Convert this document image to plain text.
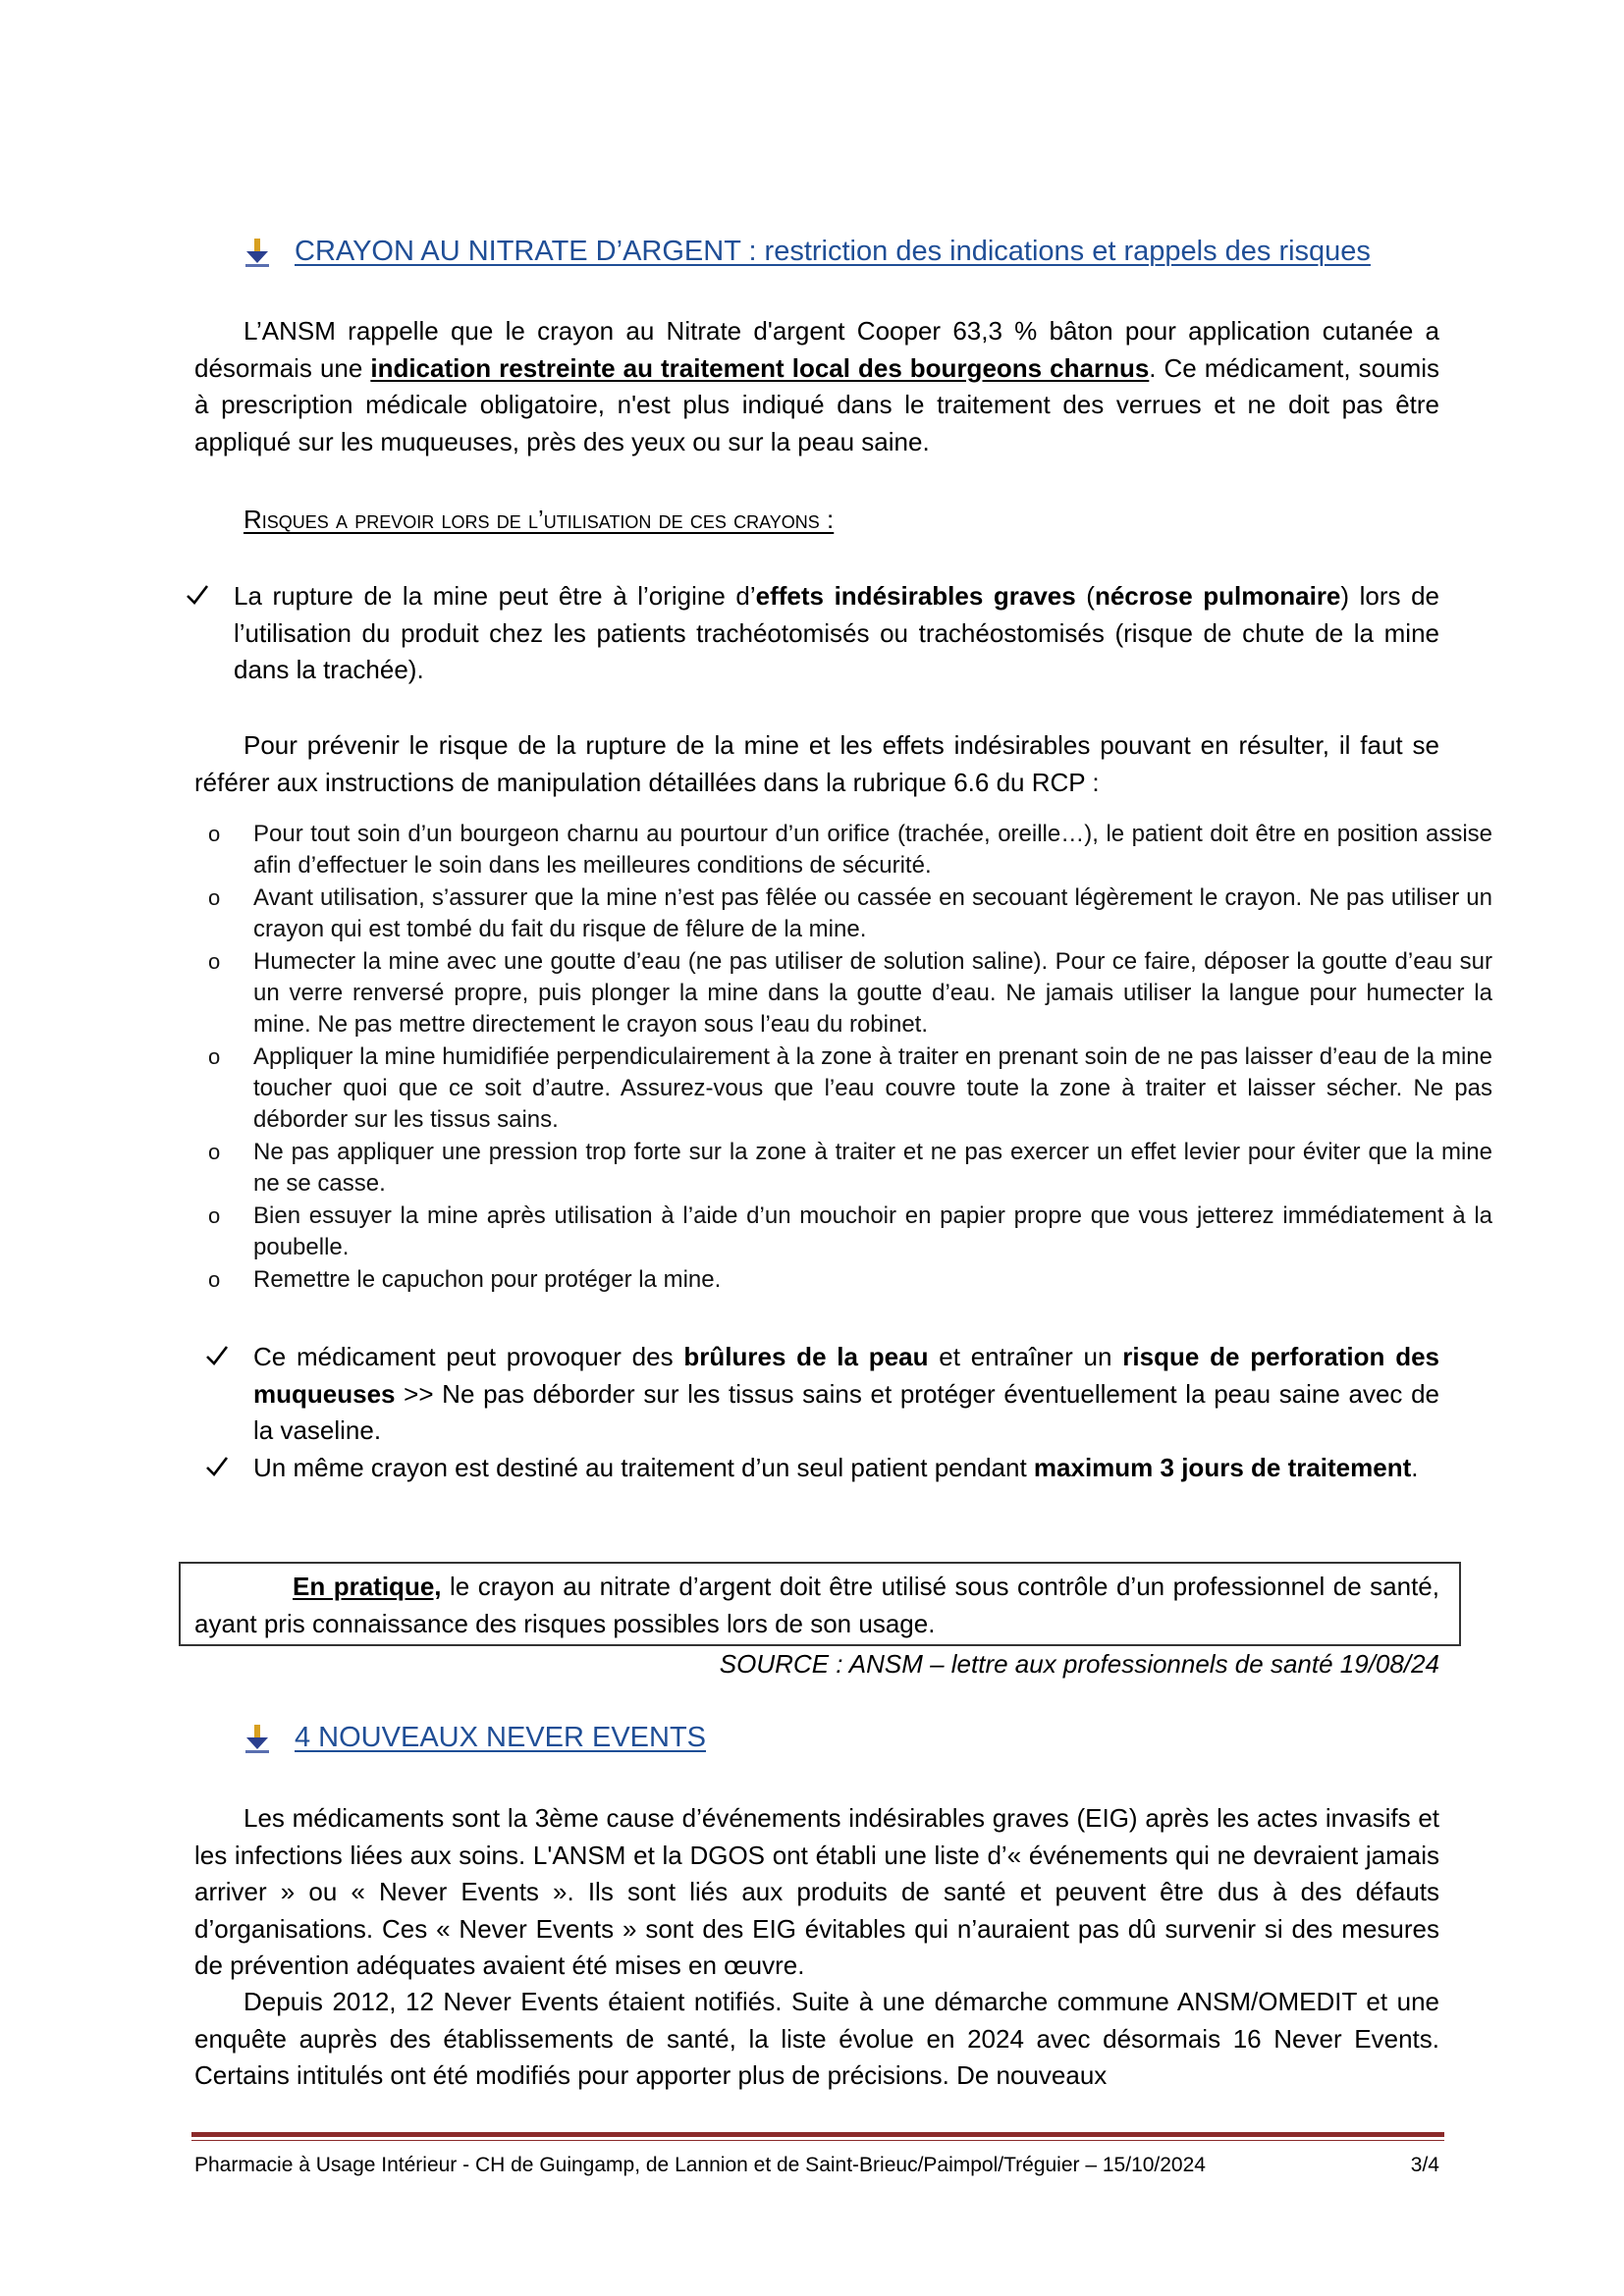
CRAYON AU NITRATE D’ARGENT : restriction des indications et rappels des risques

L’ANSM rappelle que le crayon au Nitrate d'argent Cooper 63,3 % bâton pour application cutanée a désormais une indication restreinte au traitement local des bourgeons charnus. Ce médicament, soumis à prescription médicale obligatoire, n'est plus indiqué dans le traitement des verrues et ne doit pas être appliqué sur les muqueuses, près des yeux ou sur la peau saine.

Risques a prevoir lors de l’utilisation de ces crayons :

La rupture de la mine peut être à l’origine d’effets indésirables graves (nécrose pulmonaire) lors de l’utilisation du produit chez les patients trachéotomisés ou trachéostomisés (risque de chute de la mine dans la trachée).

Pour prévenir le risque de la rupture de la mine et les effets indésirables pouvant en résulter, il faut se référer aux instructions de manipulation détaillées dans la rubrique 6.6 du RCP :

o Pour tout soin d’un bourgeon charnu au pourtour d’un orifice (trachée, oreille…), le patient doit être en position assise afin d’effectuer le soin dans les meilleures conditions de sécurité.
o Avant utilisation, s’assurer que la mine n’est pas fêlée ou cassée en secouant légèrement le crayon. Ne pas utiliser un crayon qui est tombé du fait du risque de fêlure de la mine.
o Humecter la mine avec une goutte d’eau (ne pas utiliser de solution saline). Pour ce faire, déposer la goutte d’eau sur un verre renversé propre, puis plonger la mine dans la goutte d’eau. Ne jamais utiliser la langue pour humecter la mine. Ne pas mettre directement le crayon sous l’eau du robinet.
o Appliquer la mine humidifiée perpendiculairement à la zone à traiter en prenant soin de ne pas laisser d’eau de la mine toucher quoi que ce soit d’autre. Assurez-vous que l’eau couvre toute la zone à traiter et laisser sécher. Ne pas déborder sur les tissus sains.
o Ne pas appliquer une pression trop forte sur la zone à traiter et ne pas exercer un effet levier pour éviter que la mine ne se casse.
o Bien essuyer la mine après utilisation à l’aide d’un mouchoir en papier propre que vous jetterez immédiatement à la poubelle.
o Remettre le capuchon pour protéger la mine.

Ce médicament peut provoquer des brûlures de la peau et entraîner un risque de perforation des muqueuses >> Ne pas déborder sur les tissus sains et protéger éventuellement la peau saine avec de la vaseline.

Un même crayon est destiné au traitement d’un seul patient pendant maximum 3 jours de traitement.

En pratique, le crayon au nitrate d’argent doit être utilisé sous contrôle d’un professionnel de santé, ayant pris connaissance des risques possibles lors de son usage.

SOURCE : ANSM – lettre aux professionnels de santé 19/08/24
4 NOUVEAUX NEVER EVENTS

Les médicaments sont la 3ème cause d’événements indésirables graves (EIG) après les actes invasifs et les infections liées aux soins. L'ANSM et la DGOS ont établi une liste d’« événements qui ne devraient jamais arriver » ou « Never Events ». Ils sont liés aux produits de santé et peuvent être dus à des défauts d’organisations. Ces « Never Events » sont des EIG évitables qui n’auraient pas dû survenir si des mesures de prévention adéquates avaient été mises en œuvre.

Depuis 2012, 12 Never Events étaient notifiés. Suite à une démarche commune ANSM/OMEDIT et une enquête auprès des établissements de santé, la liste évolue en 2024 avec désormais 16 Never Events. Certains intitulés ont été modifiés pour apporter plus de précisions. De nouveaux

Pharmacie à Usage Intérieur - CH de Guingamp, de Lannion et de Saint-Brieuc/Paimpol/Tréguier – 15/10/2024	3/4
